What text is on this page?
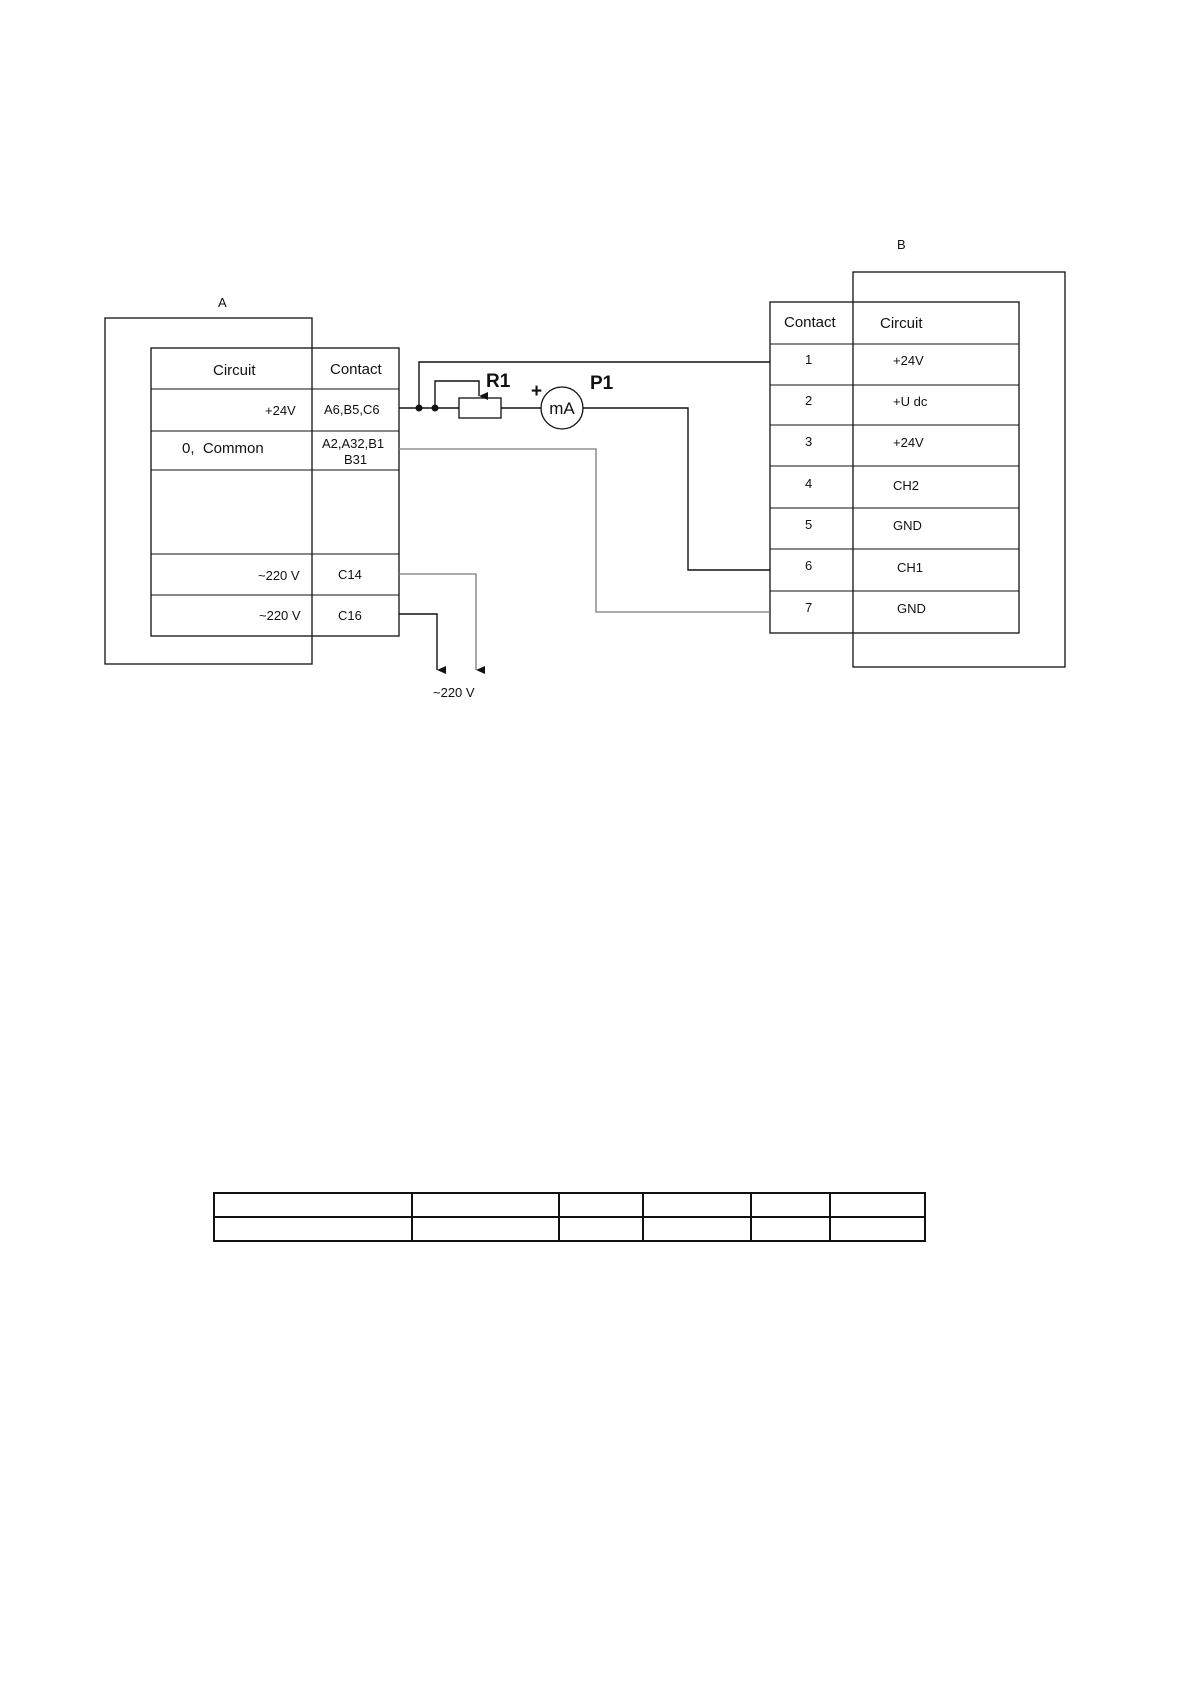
A
Circuit	Contact
+24V A6,B5,C6
0,  Common	A2,A32,B1
B31
~220 V	C14
~220 V	C16
B
Contact	Circuit
1	+24V
2	+U dc
3	+24V
4	CH2
5	GND
6	CH1
7	GND
R1
mA
+	P1
~220 V
